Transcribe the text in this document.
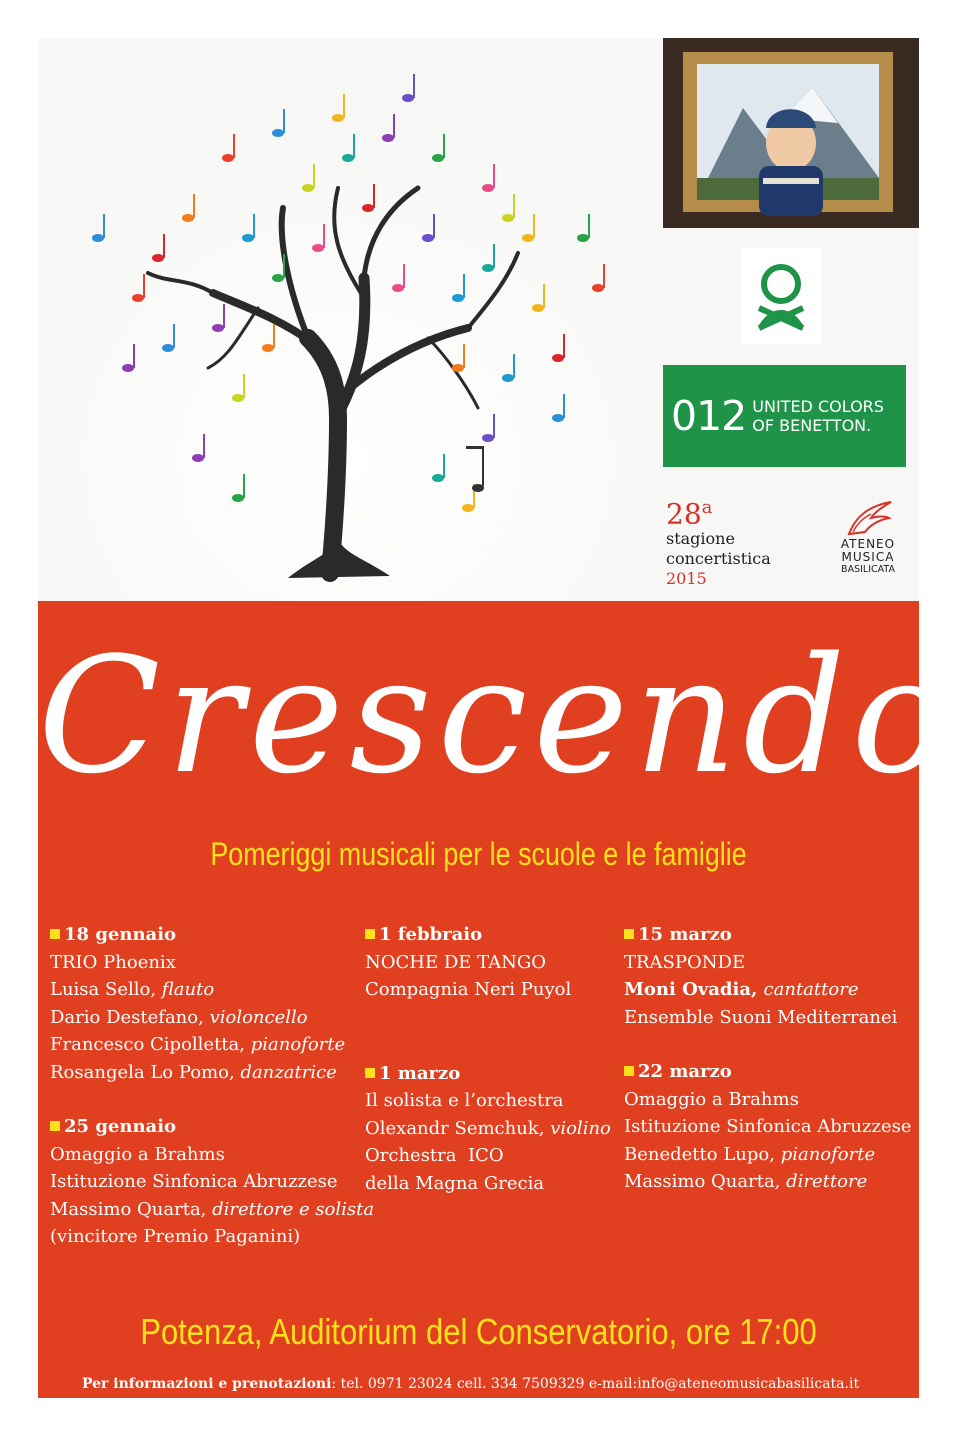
012 UNITED COLORS
OF BENETTON.
28$^a$
stagione
concertistica
2015
ATENEO
MUSICA
BASILICATA
Crescendo
Pomeriggi musicali per le scuole e le famiglie
18 gennaio
TRIO Phoenix
Luisa Sello, flauto
Dario Destefano, violoncello
Francesco Cipolletta, pianoforte
Rosangela Lo Pomo, danzatrice
25 gennaio
Omaggio a Brahms
Istituzione Sinfonica Abruzzese
Massimo Quarta, direttore e solista
(vincitore Premio Paganini)
1 febbraio
NOCHE DE TANGO
Compagnia Neri Puyol
1 marzo
Il solista e l’orchestra
Olexandr Semchuk, violino
Orchestra  ICO
della Magna Grecia
15 marzo
TRASPONDE
Moni Ovadia, cantattore
Ensemble Suoni Mediterranei
22 marzo
Omaggio a Brahms
Istituzione Sinfonica Abruzzese
Benedetto Lupo, pianoforte
Massimo Quarta, direttore
Potenza, Auditorium del Conservatorio, ore 17:00
Per informazioni e prenotazioni: tel. 0971 23024 cell. 334 7509329 e-mail:info@ateneomusicabasilicata.it
Abbonamenti e biglietti: Ottica Percopo - Via Pretoria 16, tel. 0971 22421www.ateneomusicabasilicata.it
